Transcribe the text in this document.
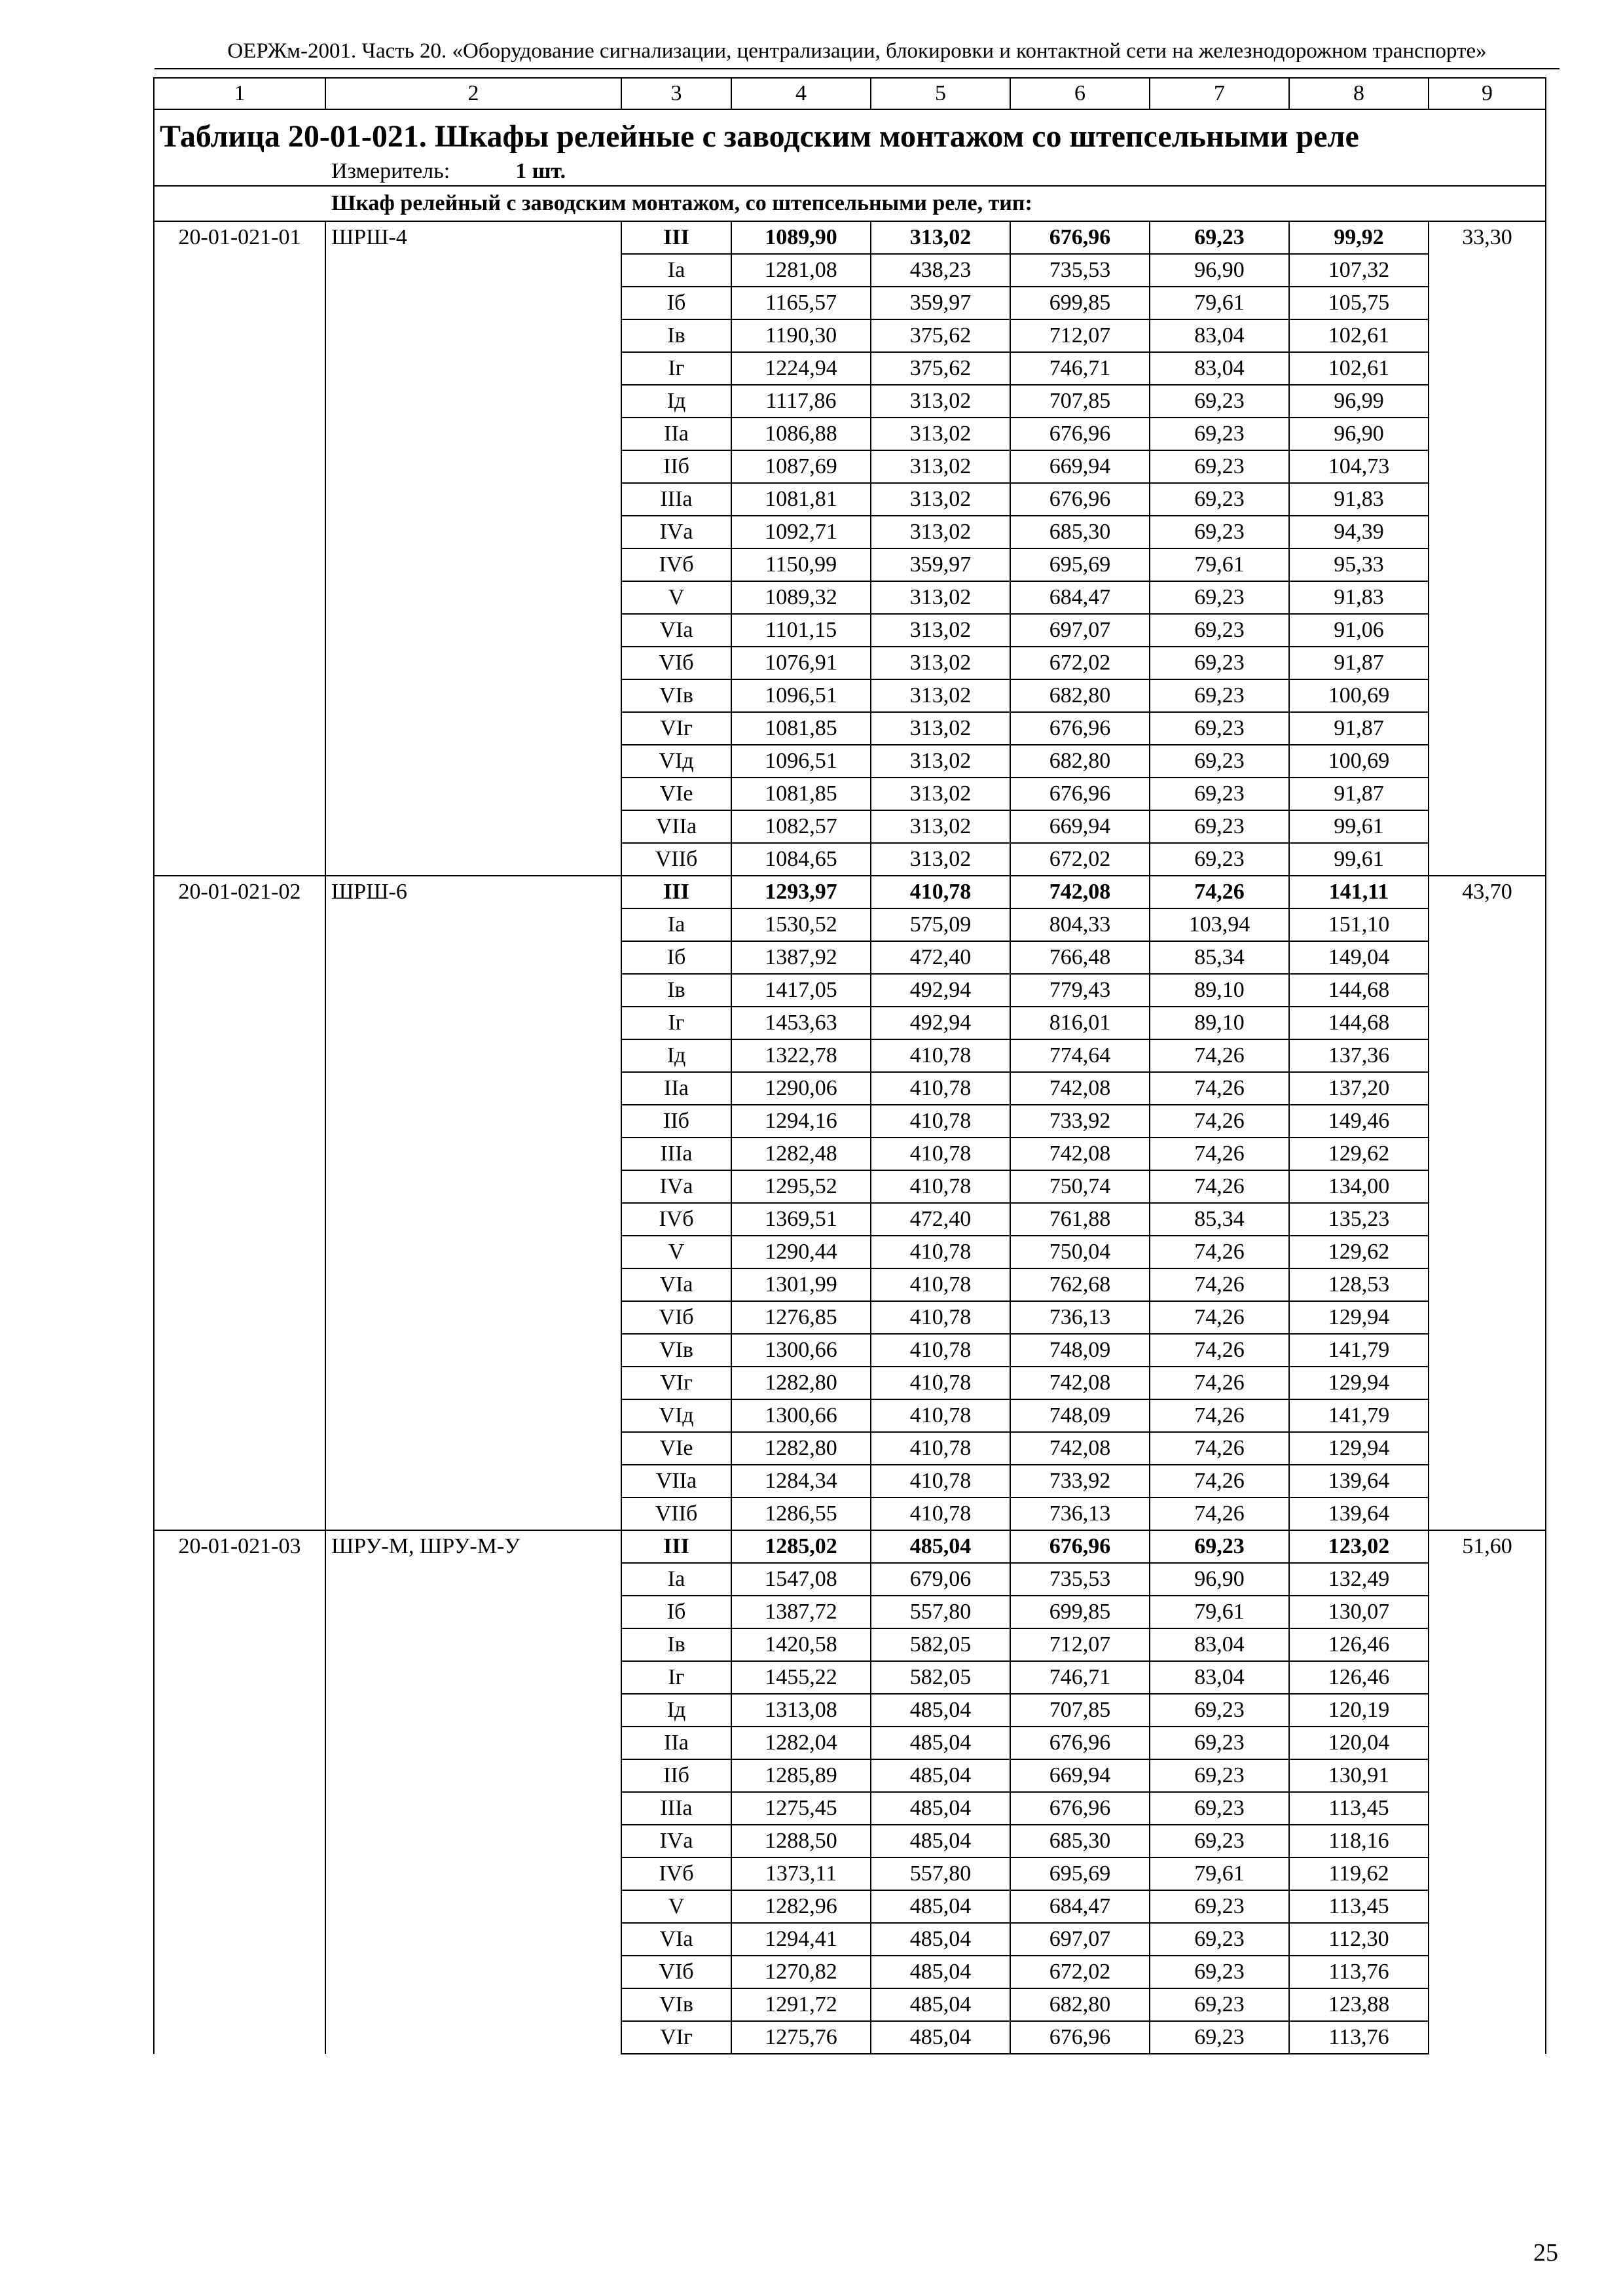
ОЕРЖм-2001. Часть 20. «Оборудование сигнализации, централизации, блокировки и контактной сети на железнодорожном транспорте»
1	2	3	4	5	6	7	8	9
Таблица 20-01-021. Шкафы релейные с заводским монтажом со штепсельными реле								
Измеритель: 1 шт.								
Шкаф релейный с заводским монтажом, со штепсельными реле, тип:								
20-01-021-01	ШРШ-4	III	1089,90	313,02	676,96	69,23	99,92	33,30
		Iа	1281,08	438,23	735,53	96,90	107,32	
		Iб	1165,57	359,97	699,85	79,61	105,75	
		Iв	1190,30	375,62	712,07	83,04	102,61	
		Iг	1224,94	375,62	746,71	83,04	102,61	
		Iд	1117,86	313,02	707,85	69,23	96,99	
		IIа	1086,88	313,02	676,96	69,23	96,90	
		IIб	1087,69	313,02	669,94	69,23	104,73	
		IIIа	1081,81	313,02	676,96	69,23	91,83	
		IVа	1092,71	313,02	685,30	69,23	94,39	
		IVб	1150,99	359,97	695,69	79,61	95,33	
		V	1089,32	313,02	684,47	69,23	91,83	
		VIа	1101,15	313,02	697,07	69,23	91,06	
		VIб	1076,91	313,02	672,02	69,23	91,87	
		VIв	1096,51	313,02	682,80	69,23	100,69	
		VIг	1081,85	313,02	676,96	69,23	91,87	
		VIд	1096,51	313,02	682,80	69,23	100,69	
		VIе	1081,85	313,02	676,96	69,23	91,87	
		VIIа	1082,57	313,02	669,94	69,23	99,61	
		VIIб	1084,65	313,02	672,02	69,23	99,61	
20-01-021-02	ШРШ-6	III	1293,97	410,78	742,08	74,26	141,11	43,70
		Iа	1530,52	575,09	804,33	103,94	151,10	
		Iб	1387,92	472,40	766,48	85,34	149,04	
		Iв	1417,05	492,94	779,43	89,10	144,68	
		Iг	1453,63	492,94	816,01	89,10	144,68	
		Iд	1322,78	410,78	774,64	74,26	137,36	
		IIа	1290,06	410,78	742,08	74,26	137,20	
		IIб	1294,16	410,78	733,92	74,26	149,46	
		IIIа	1282,48	410,78	742,08	74,26	129,62	
		IVа	1295,52	410,78	750,74	74,26	134,00	
		IVб	1369,51	472,40	761,88	85,34	135,23	
		V	1290,44	410,78	750,04	74,26	129,62	
		VIа	1301,99	410,78	762,68	74,26	128,53	
		VIб	1276,85	410,78	736,13	74,26	129,94	
		VIв	1300,66	410,78	748,09	74,26	141,79	
		VIг	1282,80	410,78	742,08	74,26	129,94	
		VIд	1300,66	410,78	748,09	74,26	141,79	
		VIе	1282,80	410,78	742,08	74,26	129,94	
		VIIа	1284,34	410,78	733,92	74,26	139,64	
		VIIб	1286,55	410,78	736,13	74,26	139,64	
20-01-021-03	ШРУ-М, ШРУ-М-У	III	1285,02	485,04	676,96	69,23	123,02	51,60
		Iа	1547,08	679,06	735,53	96,90	132,49	
		Iб	1387,72	557,80	699,85	79,61	130,07	
		Iв	1420,58	582,05	712,07	83,04	126,46	
		Iг	1455,22	582,05	746,71	83,04	126,46	
		Iд	1313,08	485,04	707,85	69,23	120,19	
		IIа	1282,04	485,04	676,96	69,23	120,04	
		IIб	1285,89	485,04	669,94	69,23	130,91	
		IIIа	1275,45	485,04	676,96	69,23	113,45	
		IVа	1288,50	485,04	685,30	69,23	118,16	
		IVб	1373,11	557,80	695,69	79,61	119,62	
		V	1282,96	485,04	684,47	69,23	113,45	
		VIа	1294,41	485,04	697,07	69,23	112,30	
		VIб	1270,82	485,04	672,02	69,23	113,76	
		VIв	1291,72	485,04	682,80	69,23	123,88	
		VIг	1275,76	485,04	676,96	69,23	113,76	
25
